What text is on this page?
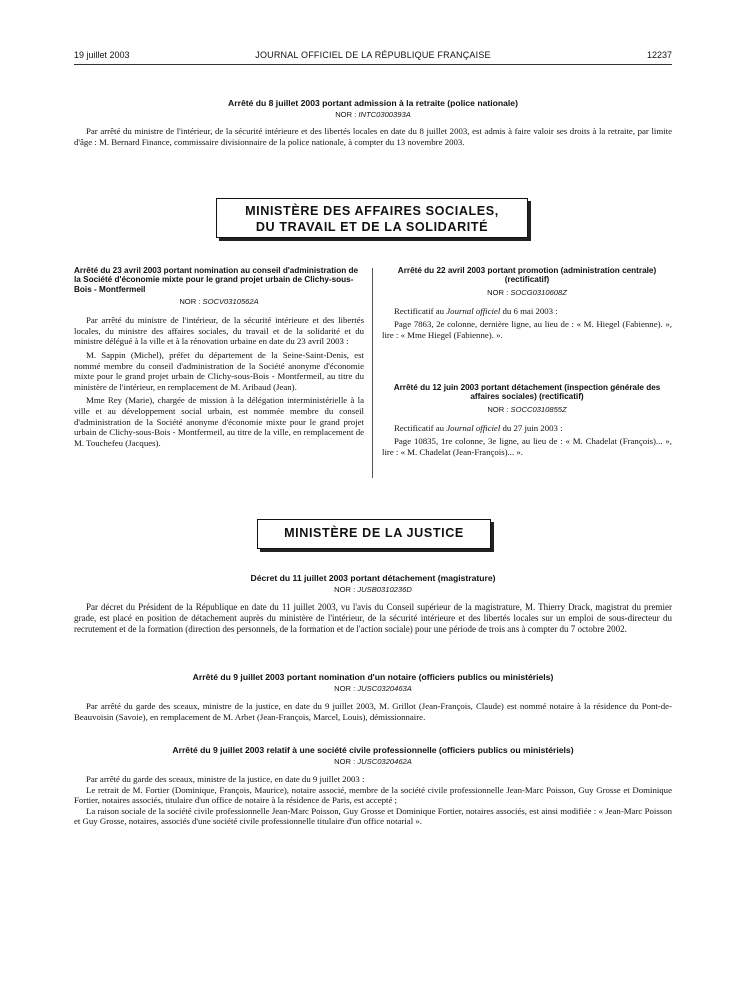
19 juillet 2003	JOURNAL OFFICIEL DE LA RÉPUBLIQUE FRANÇAISE	12237
Arrêté du 8 juillet 2003 portant admission à la retraite (police nationale)
NOR : INTC0300393A

Par arrêté du ministre de l'intérieur, de la sécurité intérieure et des libertés locales en date du 8 juillet 2003, est admis à faire valoir ses droits à la retraite, par limite d'âge : M. Bernard Finance, commissaire divisionnaire de la police nationale, à compter du 13 novembre 2003.

MINISTÈRE DES AFFAIRES SOCIALES,
DU TRAVAIL ET DE LA SOLIDARITÉ
Arrêté du 23 avril 2003 portant nomination au conseil d'administration de la Société d'économie mixte pour le grand projet urbain de Clichy-sous-Bois - Montfermeil
NOR : SOCV0310562A

Par arrêté du ministre de l'intérieur, de la sécurité intérieure et des libertés locales, du ministre des affaires sociales, du travail et de la solidarité et du ministre délégué à la ville et à la rénovation urbaine en date du 23 avril 2003 :

M. Sappin (Michel), préfet du département de la Seine-Saint-Denis, est nommé membre du conseil d'administration de la Société anonyme d'économie mixte pour le grand projet urbain de Clichy-sous-Bois - Montfermeil, au titre du ministère de l'intérieur, en remplacement de M. Aribaud (Jean).

Mme Rey (Marie), chargée de mission à la délégation interministérielle à la ville et au développement social urbain, est nommée membre du conseil d'administration de la Société anonyme d'économie mixte pour le grand projet urbain de Clichy-sous-Bois - Montfermeil, au titre de la ville, en remplacement de M. Touchefeu (Jacques).

Arrêté du 22 avril 2003 portant promotion (administration centrale) (rectificatif)
NOR : SOCG0310608Z

Rectificatif au Journal officiel du 6 mai 2003 :

Page 7863, 2e colonne, dernière ligne, au lieu de : « M. Hiegel (Fabienne). », lire : « Mme Hiegel (Fabienne). ».

Arrêté du 12 juin 2003 portant détachement (inspection générale des affaires sociales) (rectificatif)
NOR : SOCC0310855Z

Rectificatif au Journal officiel du 27 juin 2003 :

Page 10835, 1re colonne, 3e ligne, au lieu de : « M. Chadelat (François)... », lire : « M. Chadelat (Jean-François)... ».

MINISTÈRE DE LA JUSTICE
Décret du 11 juillet 2003 portant détachement (magistrature)
NOR : JUSB0310236D

Par décret du Président de la République en date du 11 juillet 2003, vu l'avis du Conseil supérieur de la magistrature, M. Thierry Drack, magistrat du premier grade, est placé en position de détachement auprès du ministère de l'intérieur, de la sécurité intérieure et des libertés locales sur un emploi de sous-directeur du recrutement et de la formation (direction des personnels, de la formation et de l'action sociale) pour une période de trois ans à compter du 7 octobre 2002.

Arrêté du 9 juillet 2003 portant nomination d'un notaire (officiers publics ou ministériels)
NOR : JUSC0320463A

Par arrêté du garde des sceaux, ministre de la justice, en date du 9 juillet 2003, M. Grillot (Jean-François, Claude) est nommé notaire à la résidence du Pont-de-Beauvoisin (Savoie), en remplacement de M. Arbet (Jean-François, Marcel, Louis), démissionnaire.

Arrêté du 9 juillet 2003 relatif à une société civile professionnelle (officiers publics ou ministériels)
NOR : JUSC0320462A

Par arrêté du garde des sceaux, ministre de la justice, en date du 9 juillet 2003 :

Le retrait de M. Fortier (Dominique, François, Maurice), notaire associé, membre de la société civile professionnelle Jean-Marc Poisson, Guy Grosse et Dominique Fortier, notaires associés, titulaire d'un office de notaire à la résidence de Paris, est accepté ;

La raison sociale de la société civile professionnelle Jean-Marc Poisson, Guy Grosse et Dominique Fortier, notaires associés, est ainsi modifiée : « Jean-Marc Poisson et Guy Grosse, notaires, associés d'une société civile professionnelle titulaire d'un office notarial ».
